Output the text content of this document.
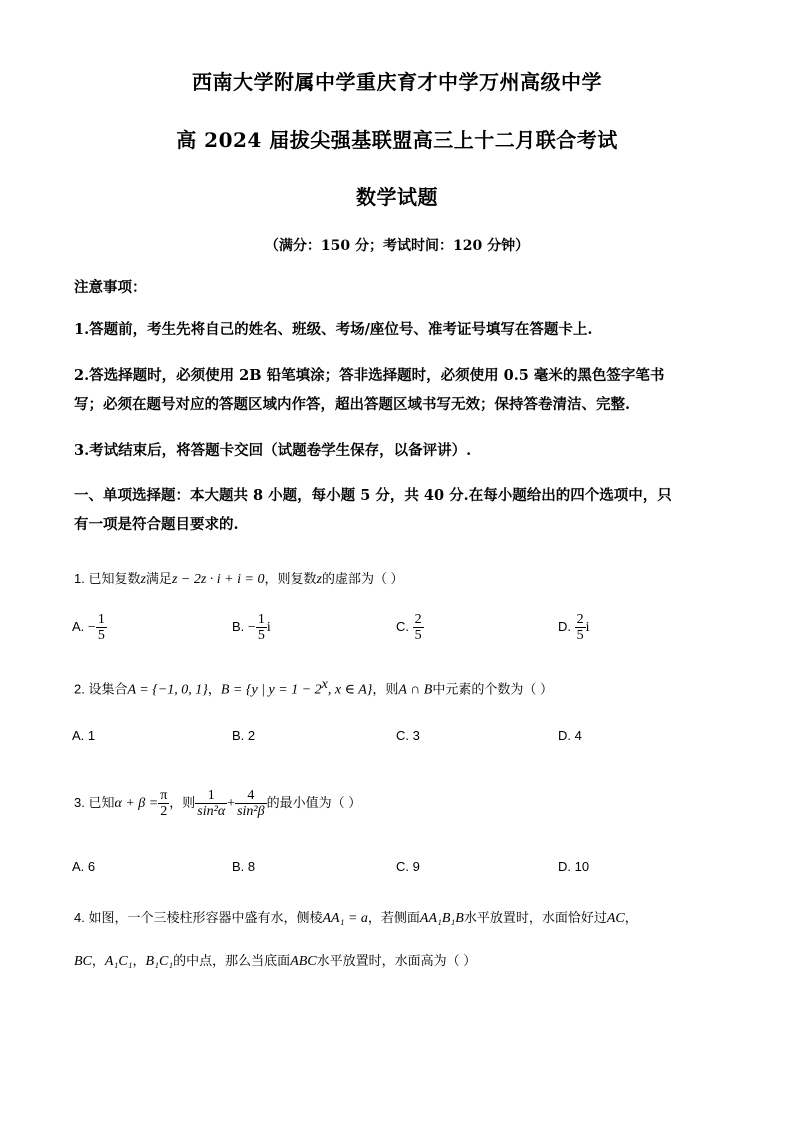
西南大学附属中学重庆育才中学万州高级中学
高 2024 届拔尖强基联盟高三上十二月联合考试
数学试题
（满分：150 分；考试时间：120 分钟）
注意事项：
1.答题前，考生先将自己的姓名、班级、考场/座位号、准考证号填写在答题卡上.
2.答选择题时，必须使用 2B 铅笔填涂；答非选择题时，必须使用 0.5 毫米的黑色签字笔书
写；必须在题号对应的答题区域内作答，超出答题区域书写无效；保持答卷清洁、完整.
3.考试结束后，将答题卡交回（试题卷学生保存，以备评讲）.
一、单项选择题：本大题共 8 小题，每小题 5 分，共 40 分.在每小题给出的四个选项中，只
有一项是符合题目要求的.
1. 已知复数z满足z − 2z · i + i = 0，则复数z的虚部为（ ）
A. − $\frac{1}{5}$	B. − $\frac{1}{5}$ i	C. $\frac{2}{5}$	D. $\frac{2}{5}$ i
2. 设集合A = {−1, 0, 1}，B = {y | $y = 1 - 2^x$, x ∈ A}，则A ∩ B中元素的个数为（ ）
A. 1	B. 2	C. 3	D. 4
3. 已知$\alpha + \beta = \frac{\pi}{2}$ ，则 $\frac{1}{\text{sin²α}} + \frac{4}{\text{sin²β}}$ 的最小值为（ ）
A. 6	B. 8	C. 9	D. 10
4. 如图，一个三棱柱形容器中盛有水，侧棱AA₁ = a，若侧面AA₁B₁B水平放置时，水面恰好过AC，
BC，A₁C₁，B₁C₁的中点，那么当底面ABC水平放置时，水面高为（ ）
